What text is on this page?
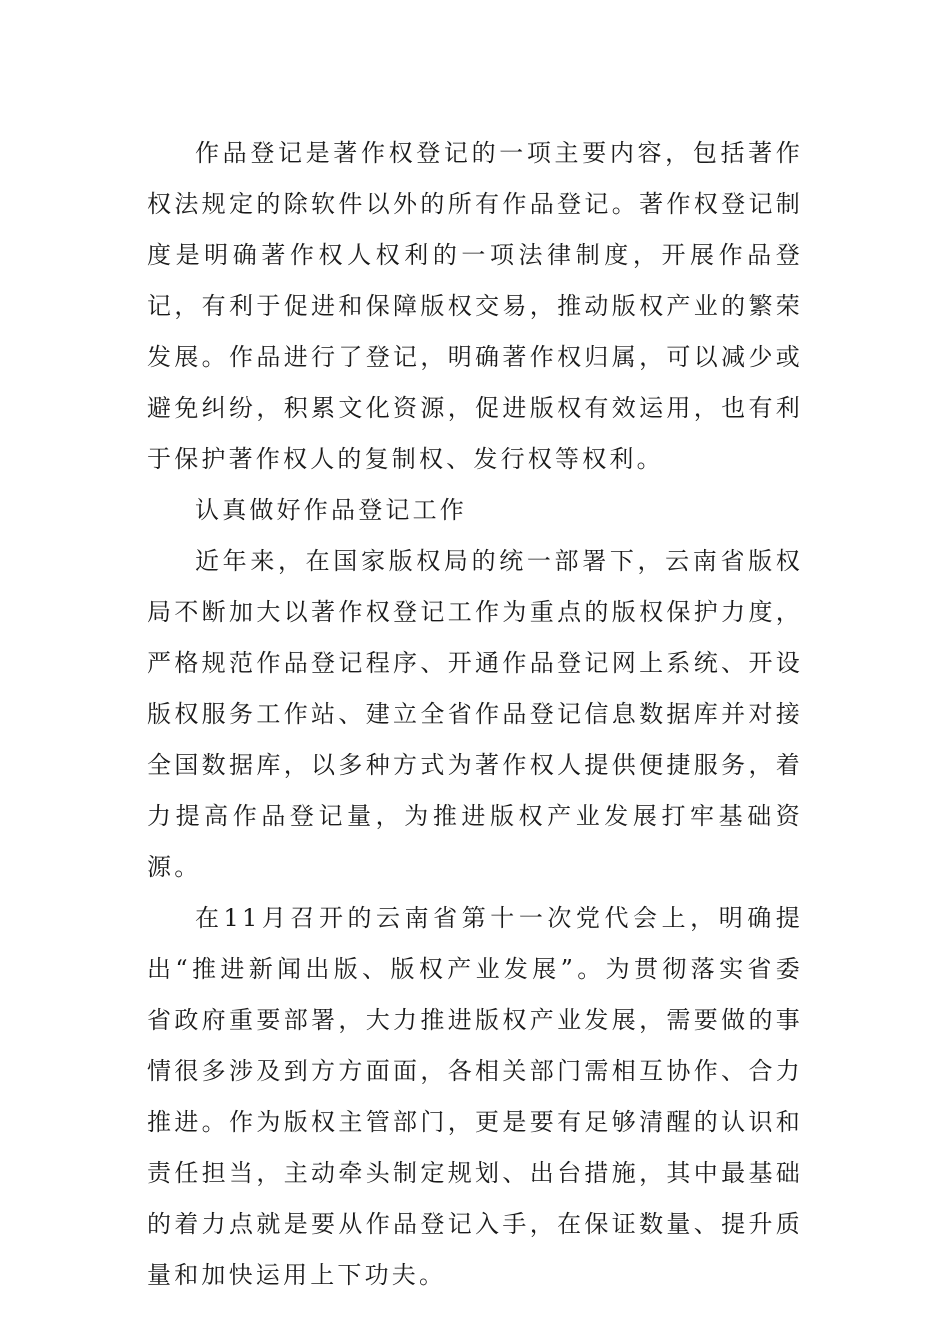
作品登记是著作权登记的一项主要内容，包括著作权法规定的除软件以外的所有作品登记。著作权登记制度是明确著作权人权利的一项法律制度，开展作品登记，有利于促进和保障版权交易，推动版权产业的繁荣发展。作品进行了登记，明确著作权归属，可以减少或避免纠纷，积累文化资源，促进版权有效运用，也有利于保护著作权人的复制权、发行权等权利。

认真做好作品登记工作

近年来，在国家版权局的统一部署下，云南省版权局不断加大以著作权登记工作为重点的版权保护力度，严格规范作品登记程序、开通作品登记网上系统、开设版权服务工作站、建立全省作品登记信息数据库并对接全国数据库，以多种方式为著作权人提供便捷服务，着力提高作品登记量，为推进版权产业发展打牢基础资源。

在11月召开的云南省第十一次党代会上，明确提出“推进新闻出版、版权产业发展”。为贯彻落实省委省政府重要部署，大力推进版权产业发展，需要做的事情很多涉及到方方面面，各相关部门需相互协作、合力推进。作为版权主管部门，更是要有足够清醒的认识和责任担当，主动牵头制定规划、出台措施，其中最基础的着力点就是要从作品登记入手，在保证数量、提升质量和加快运用上下功夫。
